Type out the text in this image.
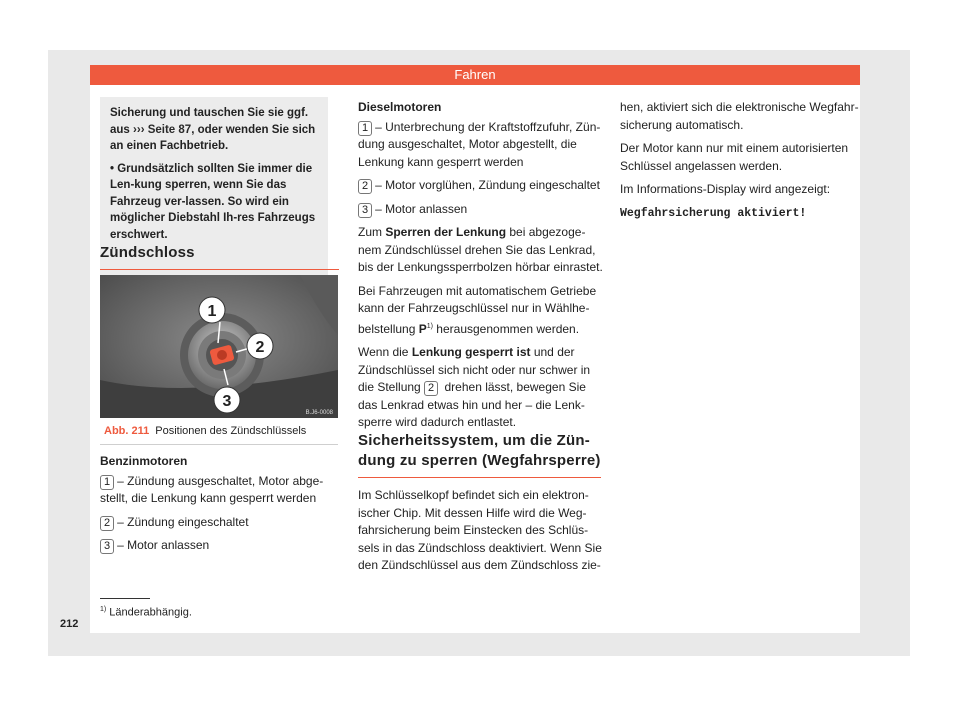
Fahren

Sicherung und tauschen Sie sie ggf. aus ››› Seite 87, oder wenden Sie sich an einen Fachbetrieb.

• Grundsätzlich sollten Sie immer die Len-kung sperren, wenn Sie das Fahrzeug ver-lassen. So wird ein möglicher Diebstahl Ih-res Fahrzeugs erschwert.

Zündschloss
1
2
3
B.J6-0008
Abb. 211 Positionen des Zündschlüssels

Benzinmotoren

1 – Zündung ausgeschaltet, Motor abge-stellt, die Lenkung kann gesperrt werden

2 – Zündung eingeschaltet

3 – Motor anlassen

Dieselmotoren

1 – Unterbrechung der Kraftstoffzufuhr, Zün-dung ausgeschaltet, Motor abgestellt, die Lenkung kann gesperrt werden

2 – Motor vorglühen, Zündung eingeschaltet

3 – Motor anlassen

Zum Sperren der Lenkung bei abgezoge-nem Zündschlüssel drehen Sie das Lenkrad, bis der Lenkungssperrbolzen hörbar einrastet.

Bei Fahrzeugen mit automatischem Getriebe kann der Fahrzeugschlüssel nur in Wählhe-belstellung $P^{1)}$ herausgenommen werden.

Wenn die Lenkung gesperrt ist und der Zündschlüssel sich nicht oder nur schwer in die Stellung 2 drehen lässt, bewegen Sie das Lenkrad etwas hin und her – die Lenk-sperre wird dadurch entlastet.

Sicherheitssystem, um die Zün-
dung zu sperren (Wegfahrsperre)

Im Schlüsselkopf befindet sich ein elektron-ischer Chip. Mit dessen Hilfe wird die Weg-fahrsicherung beim Einstecken des Schlüs-sels in das Zündschloss deaktiviert. Wenn Sie den Zündschlüssel aus dem Zündschloss zie-

hen, aktiviert sich die elektronische Wegfahr-sicherung automatisch.

Der Motor kann nur mit einem autorisierten Schlüssel angelassen werden.

Im Informations-Display wird angezeigt:

Wegfahrsicherung aktiviert!

$^{1)}$ Länderabhängig.
212
